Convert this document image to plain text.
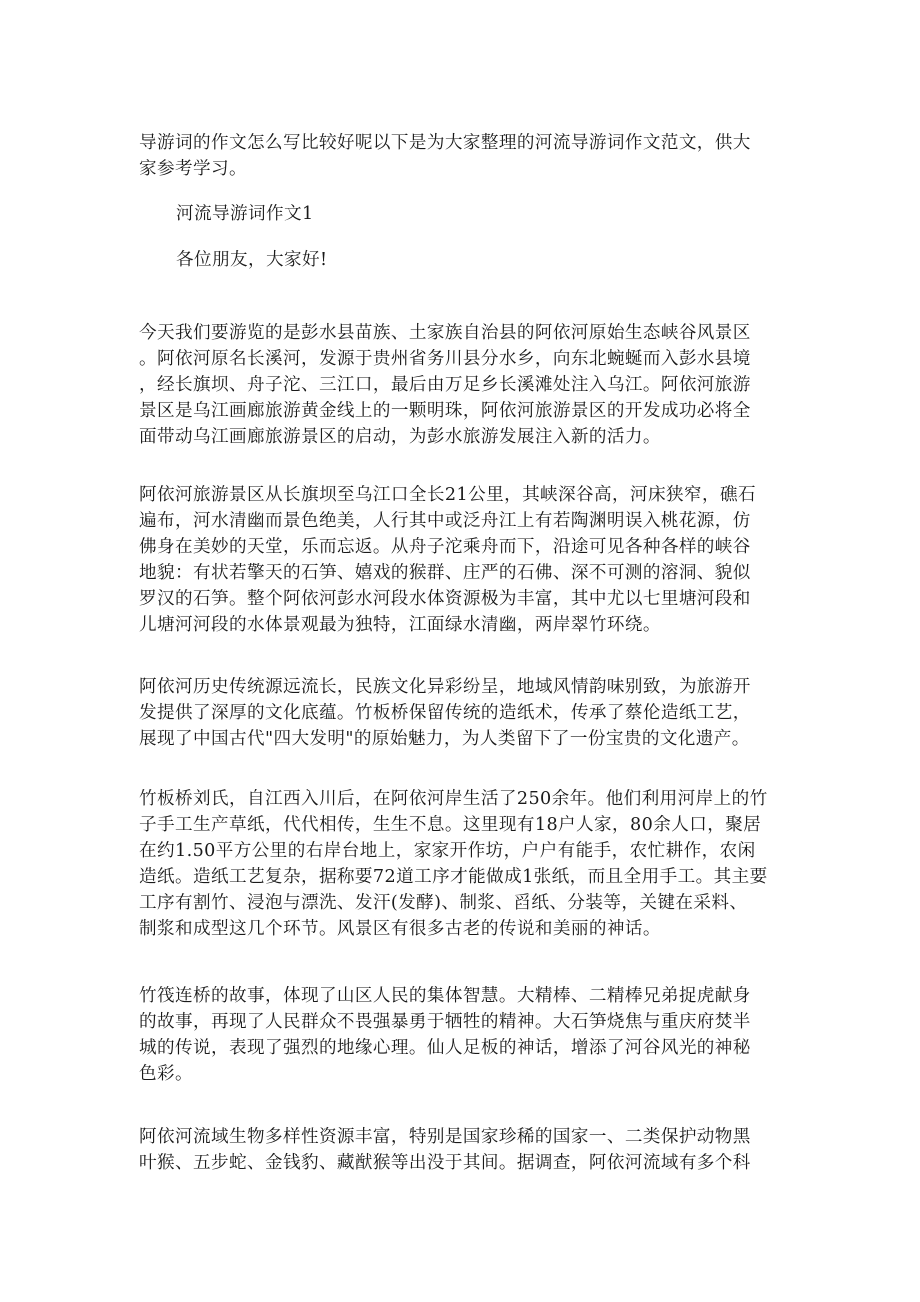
导游词的作文怎么写比较好呢以下是为大家整理的河流导游词作文范文，供大
家参考学习。
河流导游词作文1
各位朋友，大家好!
今天我们要游览的是彭水县苗族、土家族自治县的阿依河原始生态峡谷风景区
。阿依河原名长溪河，发源于贵州省务川县分水乡，向东北蜿蜒而入彭水县境
，经长旗坝、舟子沱、三江口，最后由万足乡长溪滩处注入乌江。阿依河旅游
景区是乌江画廊旅游黄金线上的一颗明珠，阿依河旅游景区的开发成功必将全
面带动乌江画廊旅游景区的启动，为彭水旅游发展注入新的活力。
阿依河旅游景区从长旗坝至乌江口全长21公里，其峡深谷高，河床狭窄，礁石
遍布，河水清幽而景色绝美，人行其中或泛舟江上有若陶渊明误入桃花源，仿
佛身在美妙的天堂，乐而忘返。从舟子沱乘舟而下，沿途可见各种各样的峡谷
地貌：有状若擎天的石笋、嬉戏的猴群、庄严的石佛、深不可测的溶洞、貌似
罗汉的石笋。整个阿依河彭水河段水体资源极为丰富，其中尤以七里塘河段和
儿塘河河段的水体景观最为独特，江面绿水清幽，两岸翠竹环绕。
阿依河历史传统源远流长，民族文化异彩纷呈，地域风情韵味别致，为旅游开
发提供了深厚的文化底蕴。竹板桥保留传统的造纸术，传承了蔡伦造纸工艺，
展现了中国古代"四大发明"的原始魅力，为人类留下了一份宝贵的文化遗产。
竹板桥刘氏，自江西入川后，在阿依河岸生活了250余年。他们利用河岸上的竹
子手工生产草纸，代代相传，生生不息。这里现有18户人家，80余人口，聚居
在约1.50平方公里的右岸台地上，家家开作坊，户户有能手，农忙耕作，农闲
造纸。造纸工艺复杂，据称要72道工序才能做成1张纸，而且全用手工。其主要
工序有割竹、浸泡与漂洗、发汗(发酵)、制浆、舀纸、分装等，关键在采料、
制浆和成型这几个环节。风景区有很多古老的传说和美丽的神话。
竹筏连桥的故事，体现了山区人民的集体智慧。大精棒、二精棒兄弟捉虎献身
的故事，再现了人民群众不畏强暴勇于牺牲的精神。大石笋烧焦与重庆府焚半
城的传说，表现了强烈的地缘心理。仙人足板的神话，增添了河谷风光的神秘
色彩。
阿依河流域生物多样性资源丰富，特别是国家珍稀的国家一、二类保护动物黑
叶猴、五步蛇、金钱豹、藏猷猴等出没于其间。据调查，阿依河流域有多个科
